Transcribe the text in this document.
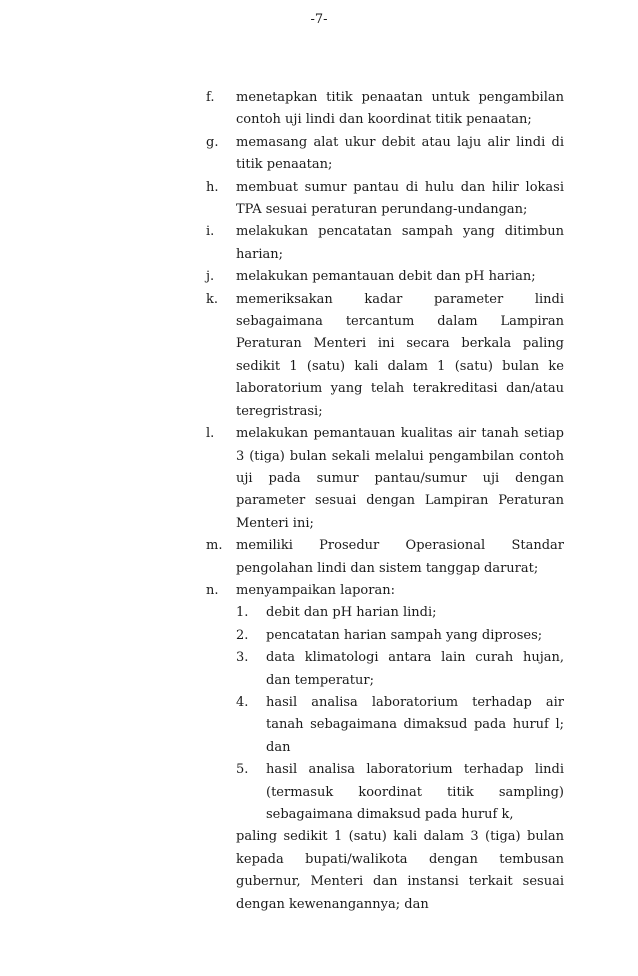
-7-
f.	menetapkan titik penaatan untuk pengambilan contoh uji lindi dan koordinat titik penaatan;
g.	memasang alat ukur debit atau laju alir lindi di titik penaatan;
h.	membuat sumur pantau di hulu dan hilir lokasi TPA sesuai peraturan perundang-undangan;
i.	melakukan pencatatan sampah yang ditimbun harian;
j.	melakukan pemantauan debit dan pH harian;
k.	memeriksakan kadar parameter lindi sebagaimana tercantum dalam Lampiran Peraturan Menteri ini secara berkala paling sedikit 1 (satu) kali dalam 1 (satu) bulan ke laboratorium yang telah terakreditasi dan/atau teregristrasi;
l.	melakukan pemantauan kualitas air tanah setiap 3 (tiga) bulan sekali melalui pengambilan contoh uji pada sumur pantau/sumur uji dengan parameter sesuai dengan Lampiran Peraturan Menteri ini;
m.	memiliki Prosedur Operasional Standar pengolahan lindi dan sistem tanggap darurat;
n.	menyampaikan laporan:
1.	debit dan pH harian lindi;
2.	pencatatan harian sampah yang diproses;
3.	data klimatologi antara lain curah hujan, dan temperatur;
4.	hasil analisa laboratorium terhadap air tanah sebagaimana dimaksud pada huruf l; dan
5.	hasil analisa laboratorium terhadap lindi (termasuk koordinat titik sampling) sebagaimana dimaksud pada huruf k,
paling sedikit 1 (satu) kali dalam 3 (tiga) bulan kepada bupati/walikota dengan tembusan gubernur, Menteri dan instansi terkait sesuai dengan kewenangannya; dan
